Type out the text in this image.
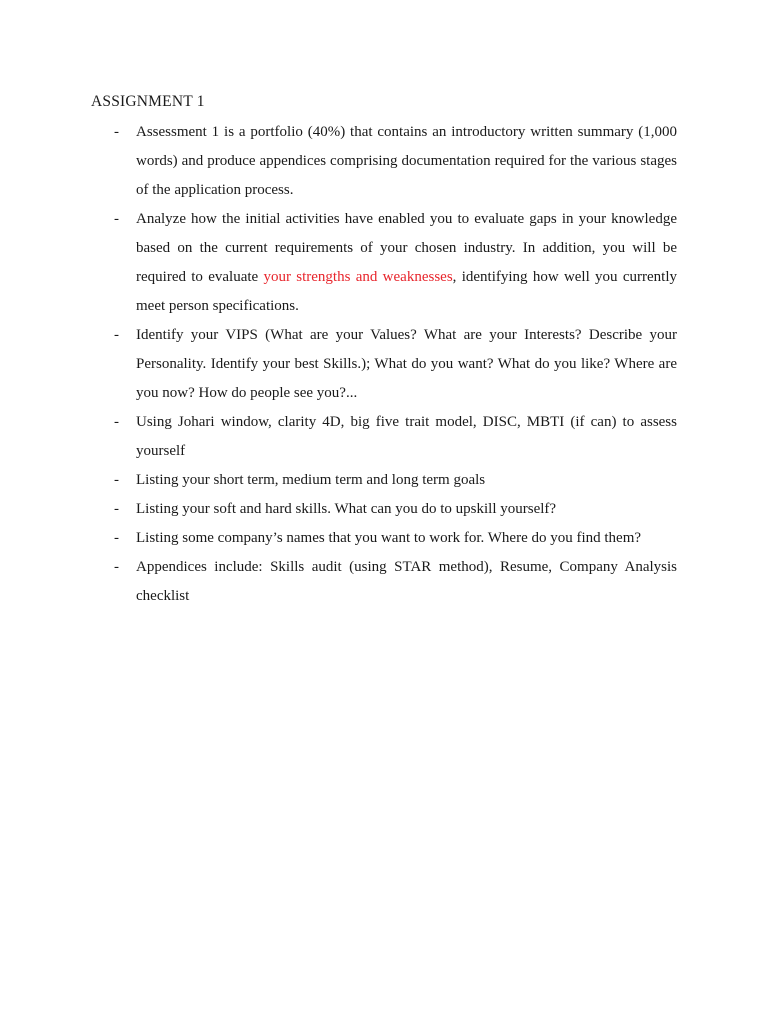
ASSIGNMENT 1
- Assessment 1 is a portfolio (40%) that contains an introductory written summary (1,000 words) and produce appendices comprising documentation required for the various stages of the application process.
- Analyze how the initial activities have enabled you to evaluate gaps in your knowledge based on the current requirements of your chosen industry. In addition, you will be required to evaluate your strengths and weaknesses, identifying how well you currently meet person specifications.
- Identify your VIPS (What are your Values? What are your Interests? Describe your Personality. Identify your best Skills.); What do you want? What do you like? Where are you now? How do people see you?...
- Using Johari window, clarity 4D, big five trait model, DISC, MBTI (if can) to assess yourself
- Listing your short term, medium term and long term goals
- Listing your soft and hard skills. What can you do to upskill yourself?
- Listing some company’s names that you want to work for. Where do you find them?
- Appendices include: Skills audit (using STAR method), Resume, Company Analysis checklist
